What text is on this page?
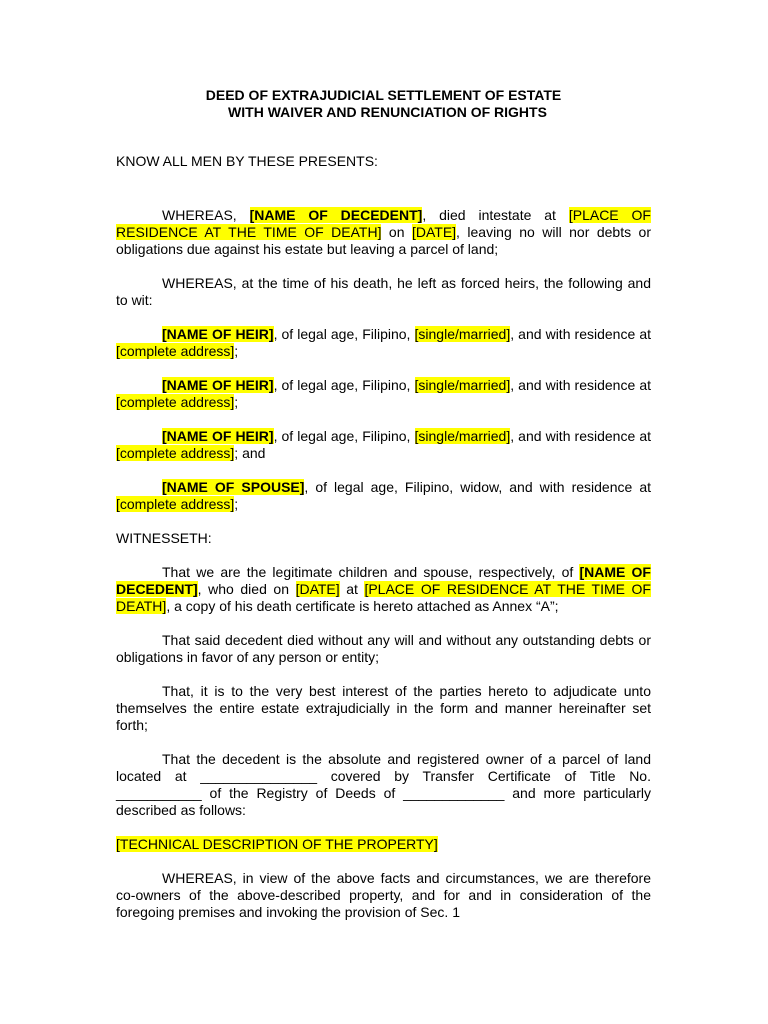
DEED OF EXTRAJUDICIAL SETTLEMENT OF ESTATE
WITH WAIVER AND RENUNCIATION OF RIGHTS

KNOW ALL MEN BY THESE PRESENTS:

WHEREAS, [NAME OF DECEDENT], died intestate at [PLACE OF RESIDENCE AT THE TIME OF DEATH] on [DATE], leaving no will nor debts or obligations due against his estate but leaving a parcel of land;

WHEREAS, at the time of his death, he left as forced heirs, the following and to wit:

[NAME OF HEIR], of legal age, Filipino, [single/married], and with residence at [complete address];

[NAME OF HEIR], of legal age, Filipino, [single/married], and with residence at [complete address];

[NAME OF HEIR], of legal age, Filipino, [single/married], and with residence at [complete address]; and

[NAME OF SPOUSE], of legal age, Filipino, widow, and with residence at [complete address];

WITNESSETH:

That we are the legitimate children and spouse, respectively, of [NAME OF DECEDENT], who died on [DATE] at [PLACE OF RESIDENCE AT THE TIME OF DEATH], a copy of his death certificate is hereto attached as Annex “A”;

That said decedent died without any will and without any outstanding debts or obligations in favor of any person or entity;

That, it is to the very best interest of the parties hereto to adjudicate unto themselves the entire estate extrajudicially in the form and manner hereinafter set forth;

That the decedent is the absolute and registered owner of a parcel of land located at _______________ covered by Transfer Certificate of Title No. ___________ of the Registry of Deeds of _____________ and more particularly described as follows:

[TECHNICAL DESCRIPTION OF THE PROPERTY]

WHEREAS, in view of the above facts and circumstances, we are therefore co-owners of the above-described property, and for and in consideration of the foregoing premises and invoking the provision of Sec. 1
